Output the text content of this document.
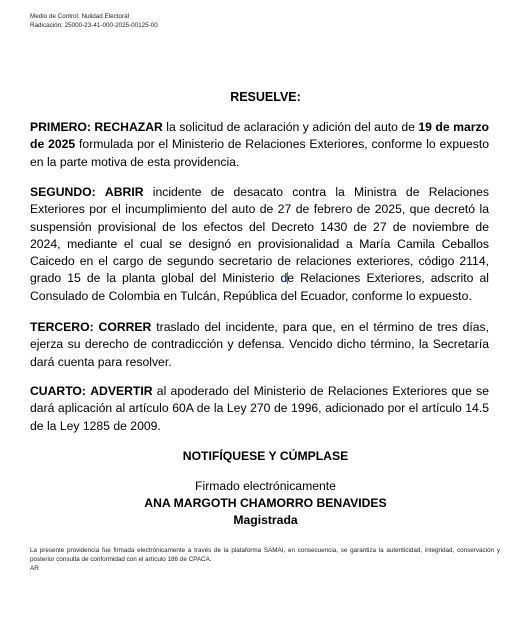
Medio de Control: Nulidad Electoral
Radicación: 25000-23-41-000-2025-00125-00
RESUELVE:
PRIMERO: RECHAZAR la solicitud de aclaración y adición del auto de 19 de marzo de 2025 formulada por el Ministerio de Relaciones Exteriores, conforme lo expuesto en la parte motiva de esta providencia.
SEGUNDO: ABRIR incidente de desacato contra la Ministra de Relaciones Exteriores por el incumplimiento del auto de 27 de febrero de 2025, que decretó la suspensión provisional de los efectos del Decreto 1430 de 27 de noviembre de 2024, mediante el cual se designó en provisionalidad a María Camila Ceballos Caicedo en el cargo de segundo secretario de relaciones exteriores, código 2114, grado 15 de la planta global del Ministerio de Relaciones Exteriores, adscrito al Consulado de Colombia en Tulcán, República del Ecuador, conforme lo expuesto.
TERCERO: CORRER traslado del incidente, para que, en el término de tres días, ejerza su derecho de contradicción y defensa. Vencido dicho término, la Secretaría dará cuenta para resolver.
CUARTO: ADVERTIR al apoderado del Ministerio de Relaciones Exteriores que se dará aplicación al artículo 60A de la Ley 270 de 1996, adicionado por el artículo 14.5 de la Ley 1285 de 2009.
NOTIFÍQUESE Y CÚMPLASE
Firmado electrónicamente
ANA MARGOTH CHAMORRO BENAVIDES
Magistrada
La presente providencia fue firmada electrónicamente a través de la plataforma SAMAI, en consecuencia, se garantiza la autenticidad, integridad, conservación y posterior consulta de conformidad con el artículo 186 de CPACA.
AR
